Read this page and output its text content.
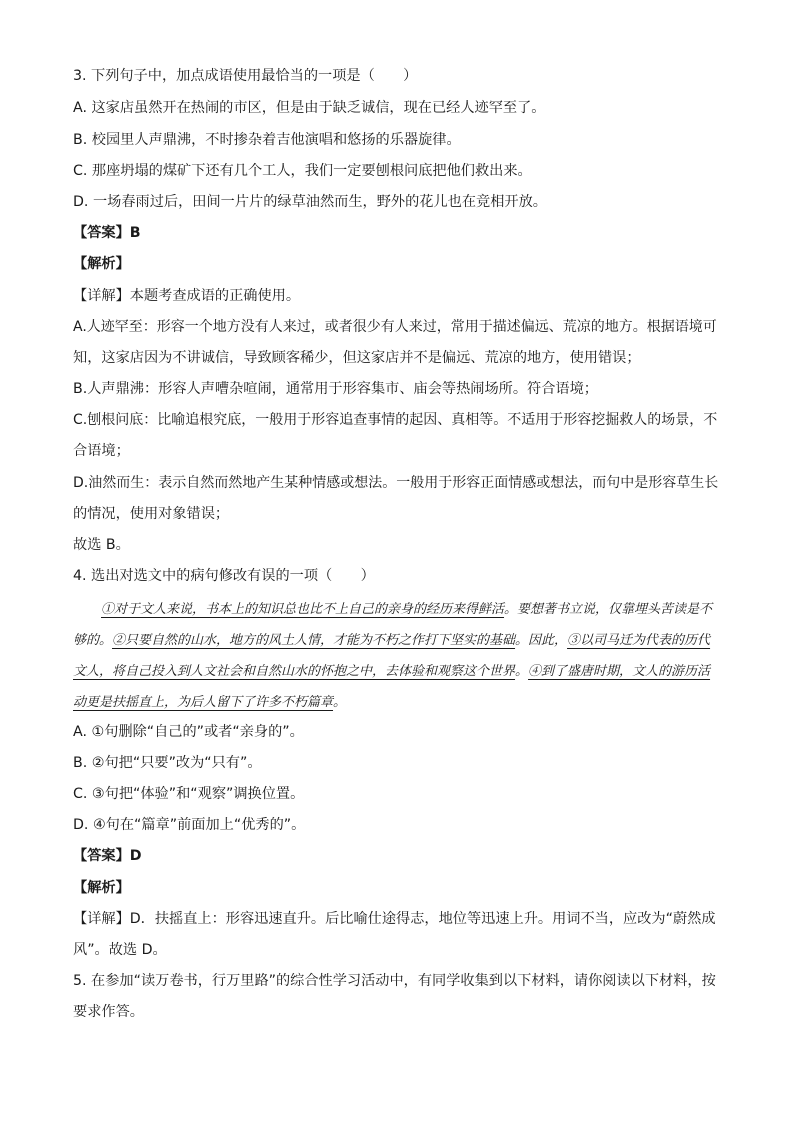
3. 下列句子中，加点成语使用最恰当的一项是（　　）
A. 这家店虽然开在热闹的市区，但是由于缺乏诚信，现在已经人迹罕至了。
B. 校园里人声鼎沸，不时掺杂着吉他演唱和悠扬的乐器旋律。
C. 那座坍塌的煤矿下还有几个工人，我们一定要刨根问底把他们救出来。
D. 一场春雨过后，田间一片片的绿草油然而生，野外的花儿也在竞相开放。
【答案】B
【解析】
【详解】本题考查成语的正确使用。
A.人迹罕至：形容一个地方没有人来过，或者很少有人来过，常用于描述偏远、荒凉的地方。根据语境可
知，这家店因为不讲诚信，导致顾客稀少，但这家店并不是偏远、荒凉的地方，使用错误；
B.人声鼎沸：形容人声嘈杂喧闹，通常用于形容集市、庙会等热闹场所。符合语境；
C.刨根问底：比喻追根究底，一般用于形容追查事情的起因、真相等。不适用于形容挖掘救人的场景，不
合语境；
D.油然而生：表示自然而然地产生某种情感或想法。一般用于形容正面情感或想法，而句中是形容草生长
的情况，使用对象错误；
故选 B。
4. 选出对选文中的病句修改有误的一项（　　）
①对于文人来说，书本上的知识总也比不上自己的亲身的经历来得鲜活。要想著书立说，仅靠埋头苦读是不够的。②只要自然的山水，地方的风土人情，才能为不朽之作打下坚实的基础。因此，③以司马迁为代表的历代文人，将自己投入到人文社会和自然山水的怀抱之中，去体验和观察这个世界。④到了盛唐时期，文人的游历活动更是扶摇直上，为后人留下了许多不朽篇章。
A. ①句删除“自己的”或者“亲身的”。
B. ②句把“只要”改为“只有”。
C. ③句把“体验”和“观察”调换位置。
D. ④句在“篇章”前面加上“优秀的”。
【答案】D
【解析】
【详解】D．扶摇直上：形容迅速直升。后比喻仕途得志，地位等迅速上升。用词不当，应改为“蔚然成
风”。故选 D。
5. 在参加“读万卷书，行万里路”的综合性学习活动中，有同学收集到以下材料，请你阅读以下材料，按
要求作答。
